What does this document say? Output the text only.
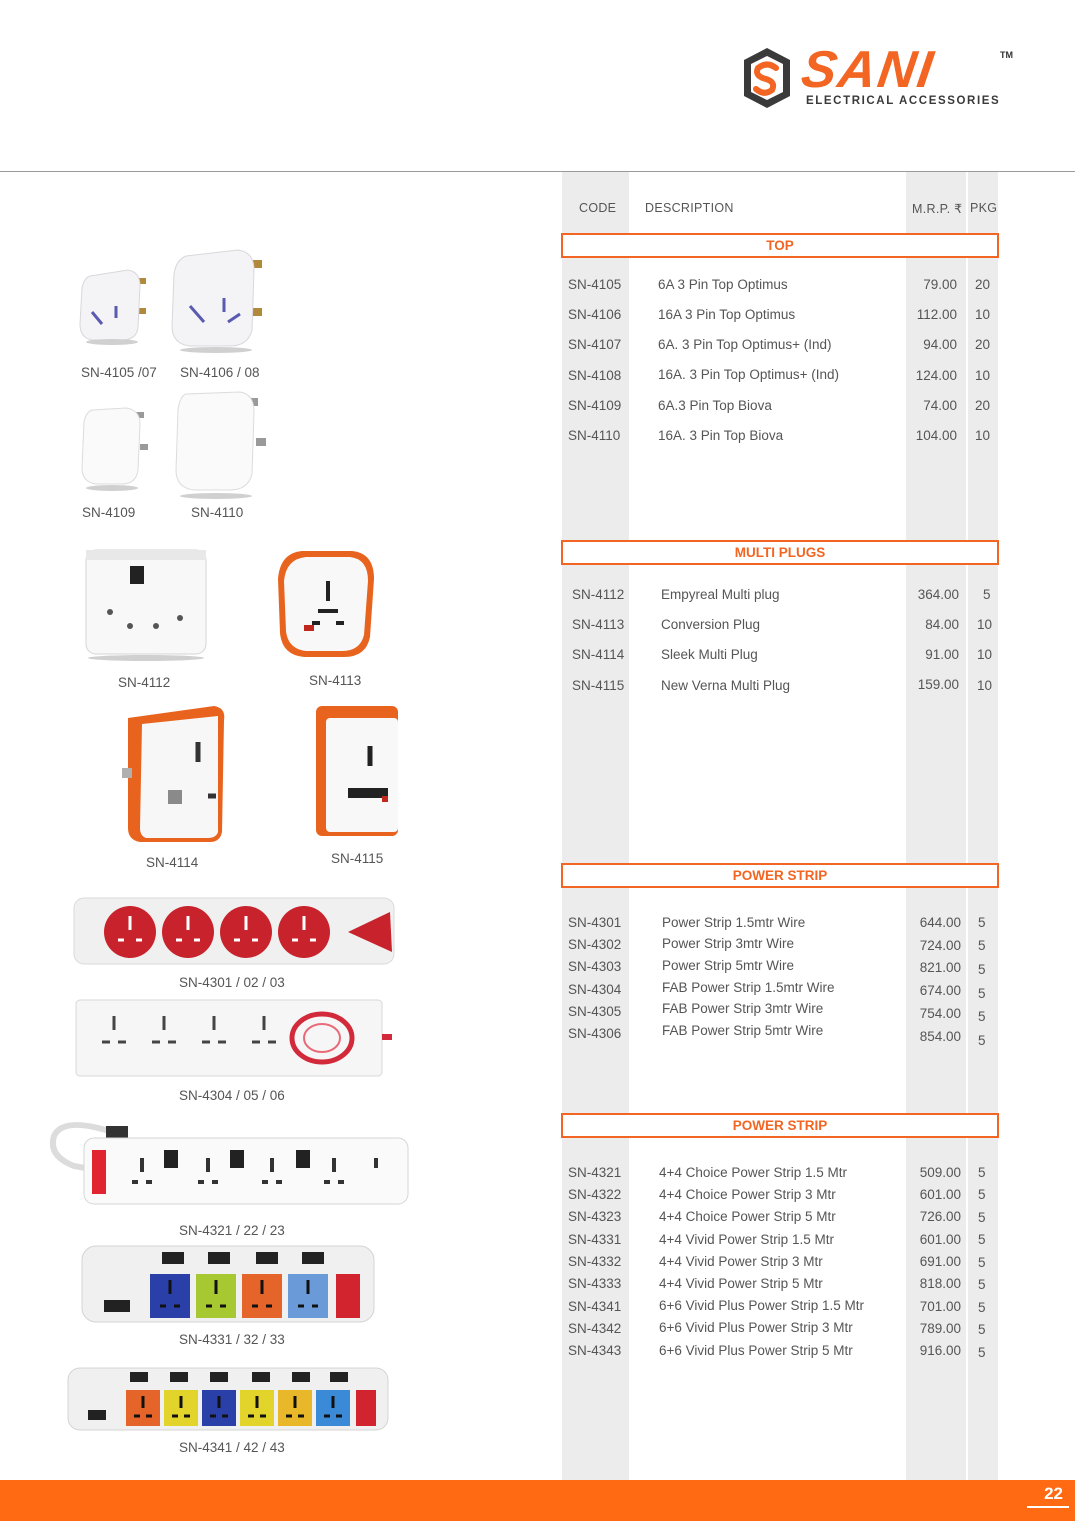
SANI	TM
ELECTRICAL ACCESSORIES
CODE DESCRIPTION	M.R.P. ₹ PKG
TOP
SN-4105	6A 3 Pin Top Optimus	79.00 20
SN-4106	16A 3 Pin Top Optimus	112.00 10
SN-4107	6A. 3 Pin Top Optimus+ (Ind)	94.00 20
SN-4108	16A. 3 Pin Top Optimus+ (Ind)	124.00 10
SN-4109	6A.3 Pin Top Biova	74.00 20
SN-4110	16A. 3 Pin Top Biova	104.00 10
MULTI PLUGS
SN-4112	Empyreal Multi plug	364.00 5
SN-4113	Conversion Plug	84.00 10
SN-4114	Sleek Multi Plug	91.00 10
SN-4115	New Verna Multi Plug	159.00 10
POWER STRIP
SN-4301	Power Strip 1.5mtr Wire	644.00 5
SN-4302	Power Strip 3mtr Wire	724.00 5
SN-4303	Power Strip 5mtr Wire	821.00 5
SN-4304	FAB Power Strip 1.5mtr Wire	674.00 5
SN-4305	FAB Power Strip 3mtr Wire	754.00 5
SN-4306	FAB Power Strip 5mtr Wire	854.00 5
POWER STRIP
SN-4321	4+4 Choice Power Strip 1.5 Mtr	509.00 5
SN-4322	4+4 Choice Power Strip 3 Mtr	601.00 5
SN-4323	4+4 Choice Power Strip 5 Mtr	726.00 5
SN-4331	4+4 Vivid Power Strip 1.5 Mtr	601.00 5
SN-4332	4+4 Vivid Power Strip 3 Mtr	691.00 5
SN-4333	4+4 Vivid Power Strip 5 Mtr	818.00 5
SN-4341	6+6 Vivid Plus Power Strip 1.5 Mtr	701.00 5
SN-4342	6+6 Vivid Plus Power Strip 3 Mtr	789.00 5
SN-4343	6+6 Vivid Plus Power Strip 5 Mtr	916.00 5
SN-4105 /07 SN-4106 / 08
SN-4109	SN-4110
SN-4112	SN-4113
SN-4114	SN-4115
SN-4301 / 02 / 03
SN-4304 / 05 / 06
SN-4321 / 22 / 23
SN-4331 / 32 / 33
SN-4341 / 42 / 43
22
